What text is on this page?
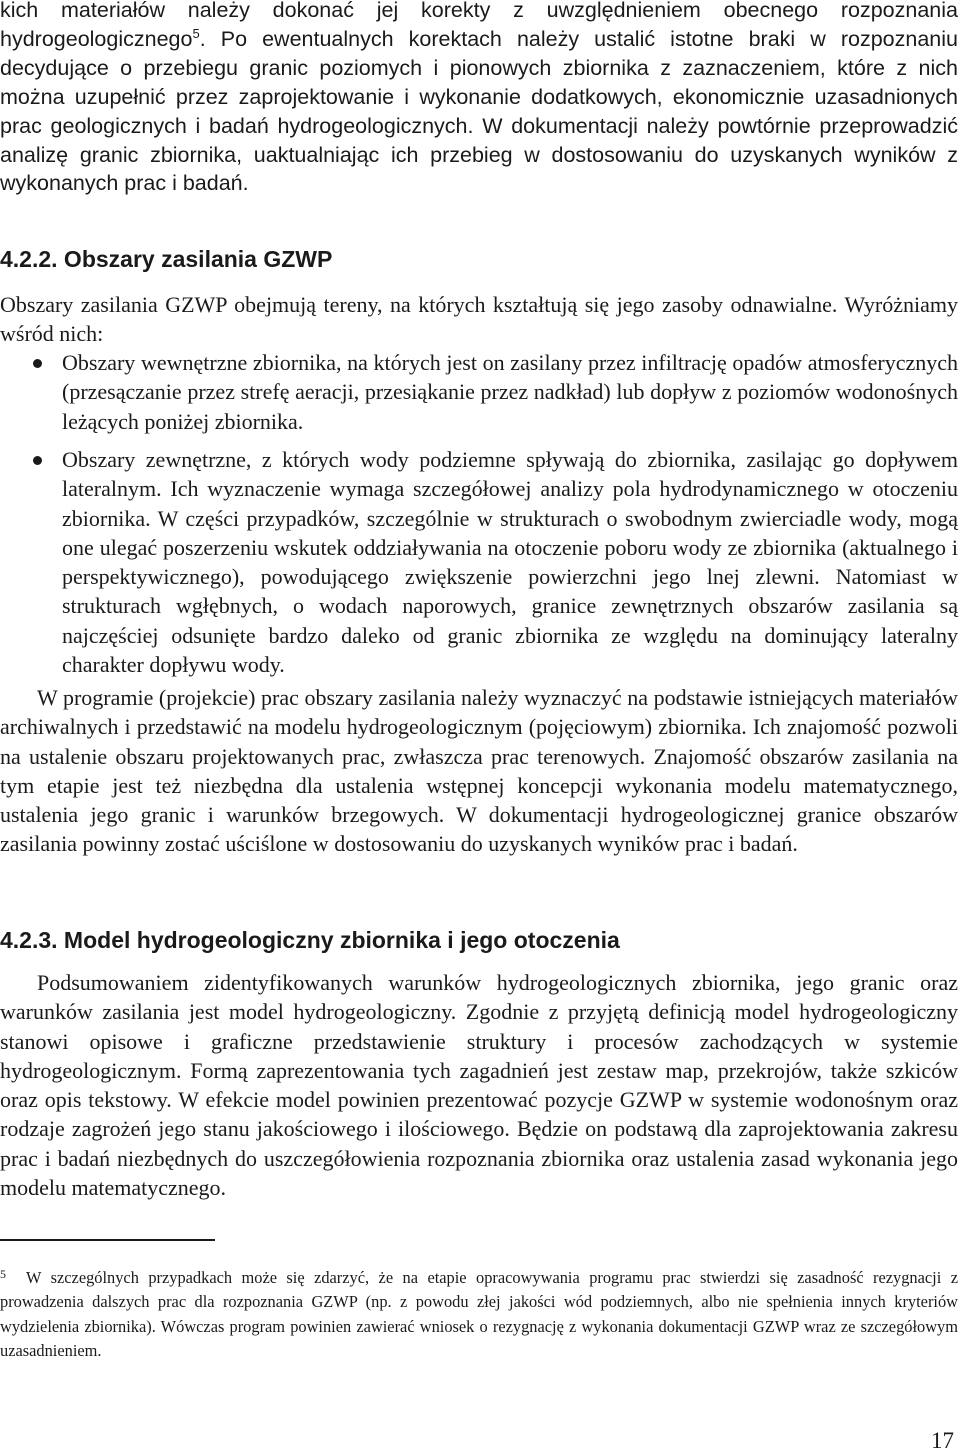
kich materiałów należy dokonać jej korekty z uwzględnieniem obecnego rozpoznania hydrogeologicznego$^5$. Po ewentualnych korektach należy ustalić istotne braki w rozpoznaniu decydujące o przebiegu granic poziomych i pionowych zbiornika z zaznaczeniem, które z nich można uzupełnić przez zaprojektowanie i wykonanie dodatkowych, ekonomicznie uzasadnionych prac geologicznych i badań hydrogeologicznych. W dokumentacji należy powtórnie przeprowadzić analizę granic zbiornika, uaktualniając ich przebieg w dostosowaniu do uzyskanych wyników z wykonanych prac i badań.

4.2.2. Obszary zasilania GZWP

Obszary zasilania GZWP obejmują tereny, na których kształtują się jego zasoby odnawialne. Wyróżniamy wśród nich:

Obszary wewnętrzne zbiornika, na których jest on zasilany przez infiltrację opadów atmosferycznych (przesączanie przez strefę aeracji, przesiąkanie przez nadkład) lub dopływ z poziomów wodonośnych leżących poniżej zbiornika.
Obszary zewnętrzne, z których wody podziemne spływają do zbiornika, zasilając go dopływem lateralnym. Ich wyznaczenie wymaga szczegółowej analizy pola hydrodynamicznego w otoczeniu zbiornika. W części przypadków, szczególnie w strukturach o swobodnym zwierciadle wody, mogą one ulegać poszerzeniu wskutek oddziaływania na otoczenie poboru wody ze zbiornika (aktualnego i perspektywicznego), powodującego zwiększenie powierzchni jego lnej zlewni. Natomiast w strukturach wgłębnych, o wodach naporowych, granice zewnętrznych obszarów zasilania są najczęściej odsunięte bardzo daleko od granic zbiornika ze względu na dominujący lateralny charakter dopływu wody.

W programie (projekcie) prac obszary zasilania należy wyznaczyć na podstawie istniejących materiałów archiwalnych i przedstawić na modelu hydrogeologicznym (pojęciowym) zbiornika. Ich znajomość pozwoli na ustalenie obszaru projektowanych prac, zwłaszcza prac terenowych. Znajomość obszarów zasilania na tym etapie jest też niezbędna dla ustalenia wstępnej koncepcji wykonania modelu matematycznego, ustalenia jego granic i warunków brzegowych. W dokumentacji hydrogeologicznej granice obszarów zasilania powinny zostać uściślone w dostosowaniu do uzyskanych wyników prac i badań.

4.2.3. Model hydrogeologiczny zbiornika i jego otoczenia

Podsumowaniem zidentyfikowanych warunków hydrogeologicznych zbiornika, jego granic oraz warunków zasilania jest model hydrogeologiczny. Zgodnie z przyjętą definicją model hydrogeologiczny stanowi opisowe i graficzne przedstawienie struktury i procesów zachodzących w systemie hydrogeologicznym. Formą zaprezentowania tych zagadnień jest zestaw map, przekrojów, także szkiców oraz opis tekstowy. W efekcie model powinien prezentować pozycje GZWP w systemie wodonośnym oraz rodzaje zagrożeń jego stanu jakościowego i ilościowego. Będzie on podstawą dla zaprojektowania zakresu prac i badań niezbędnych do uszczegółowienia rozpoznania zbiornika oraz ustalenia zasad wykonania jego modelu matematycznego.

5	W szczególnych przypadkach może się zdarzyć, że na etapie opracowywania programu prac stwierdzi się zasadność rezygnacji z prowadzenia dalszych prac dla rozpoznania GZWP (np. z powodu złej jakości wód podziemnych, albo nie spełnienia innych kryteriów wydzielenia zbiornika). Wówczas program powinien zawierać wniosek o rezygnację z wykonania dokumentacji GZWP wraz ze szczegółowym uzasadnieniem.
17
